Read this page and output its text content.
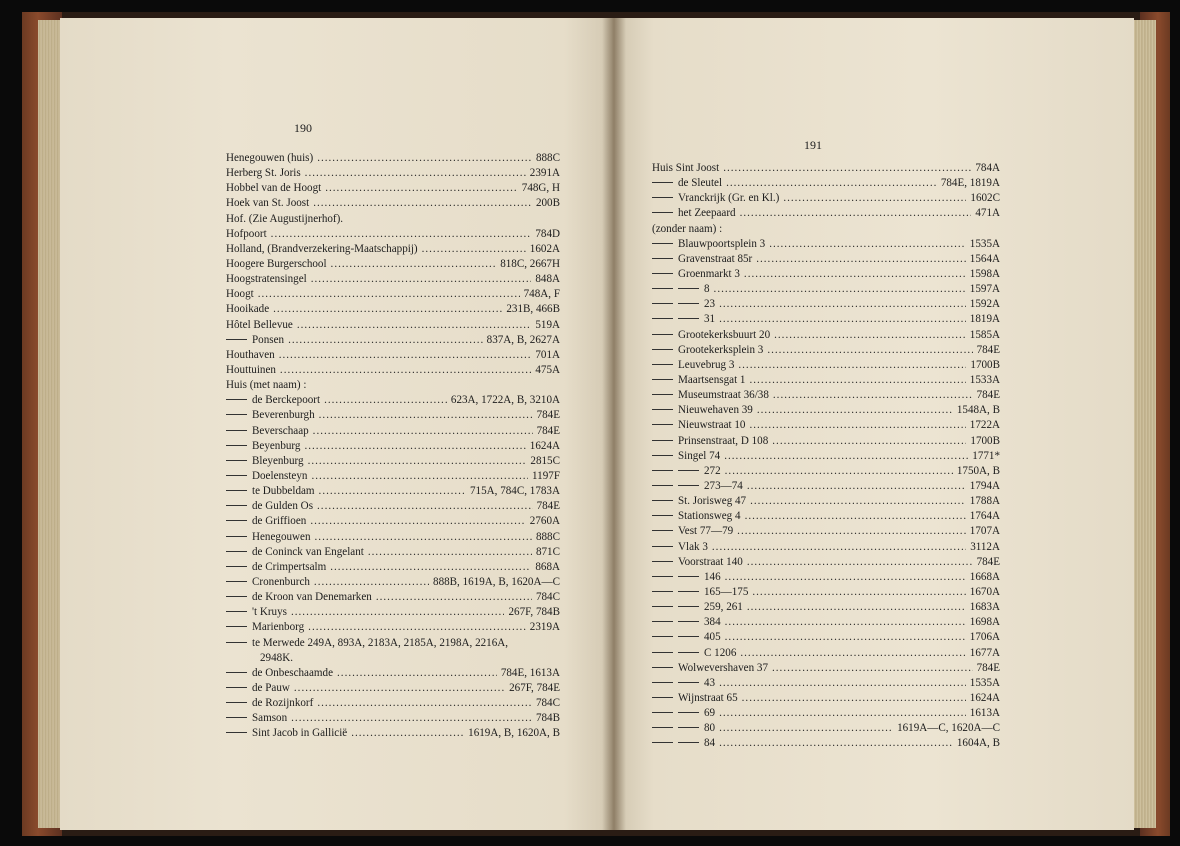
190
Henegouwen (huis) .....	888C
Herberg St. Joris .....	2391A
Hobbel van de Hoogt .....	748G, H
Hoek van St. Joost .....	200B
Hof. (Zie Augustijnerhof).
Hofpoort .....	784D
Holland, (Brandverzekering-Maatschappij) .....	1602A
Hoogere Burgerschool .....	818C, 2667H
Hoogstratensingel .....	848A
Hoogt .....	748A, F
Hooikade .....	231B, 466B
Hôtel Bellevue .....	519A
Ponsen .....	837A, B, 2627A
Houthaven .....	701A
Houttuinen .....	475A
Huis (met naam) :
de Berckepoort .....	623A, 1722A, B, 3210A
Beverenburgh .....	784E
Beverschaap .....	784E
Beyenburg .....	1624A
Bleyenburg .....	2815C
Doelensteyn .....	1197F
te Dubbeldam .....	715A, 784C, 1783A
de Gulden Os .....	784E
de Griffioen .....	2760A
Henegouwen .....	888C
de Coninck van Engelant .....	871C
de Crimpertsalm .....	868A
Cronenburch .....	888B, 1619A, B, 1620A—C
de Kroon van Denemarken .....	784C
't Kruys .....	267F, 784B
Marienborg .....	2319A
te Merwede 249A, 893A, 2183A, 2185A, 2198A, 2216A,
2948K.
de Onbeschaamde .....	784E, 1613A
de Pauw .....	267F, 784E
de Rozijnkorf .....	784C
Samson .....	784B
Sint Jacob in Gallicië .....	1619A, B, 1620A, B
191
Huis Sint Joost .....	784A
de Sleutel .....	784E, 1819A
Vranckrijk (Gr. en Kl.) .....	1602C
het Zeepaard .....	471A
(zonder naam) :
Blauwpoortsplein 3 .....	1535A
Gravenstraat 85r .....	1564A
Groenmarkt 3 .....	1598A
8 .....	1597A
23 .....	1592A
31 .....	1819A
Grootekerksbuurt 20 .....	1585A
Grootekerksplein 3 .....	784E
Leuvebrug 3 .....	1700B
Maartsensgat 1 .....	1533A
Museumstraat 36/38 .....	784E
Nieuwehaven 39 .....	1548A, B
Nieuwstraat 10 .....	1722A
Prinsenstraat, D 108 .....	1700B
Singel 74 .....	1771*
272 .....	1750A, B
273—74 .....	1794A
St. Jorisweg 47 .....	1788A
Stationsweg 4 .....	1764A
Vest 77—79 .....	1707A
Vlak 3 .....	3112A
Voorstraat 140 .....	784E
146 .....	1668A
165—175 .....	1670A
259, 261 .....	1683A
384 .....	1698A
405 .....	1706A
C 1206 .....	1677A
Wolwevershaven 37 .....	784E
43 .....	1535A
Wijnstraat 65 .....	1624A
69 .....	1613A
80 .....	1619A—C, 1620A—C
84 .....	1604A, B
